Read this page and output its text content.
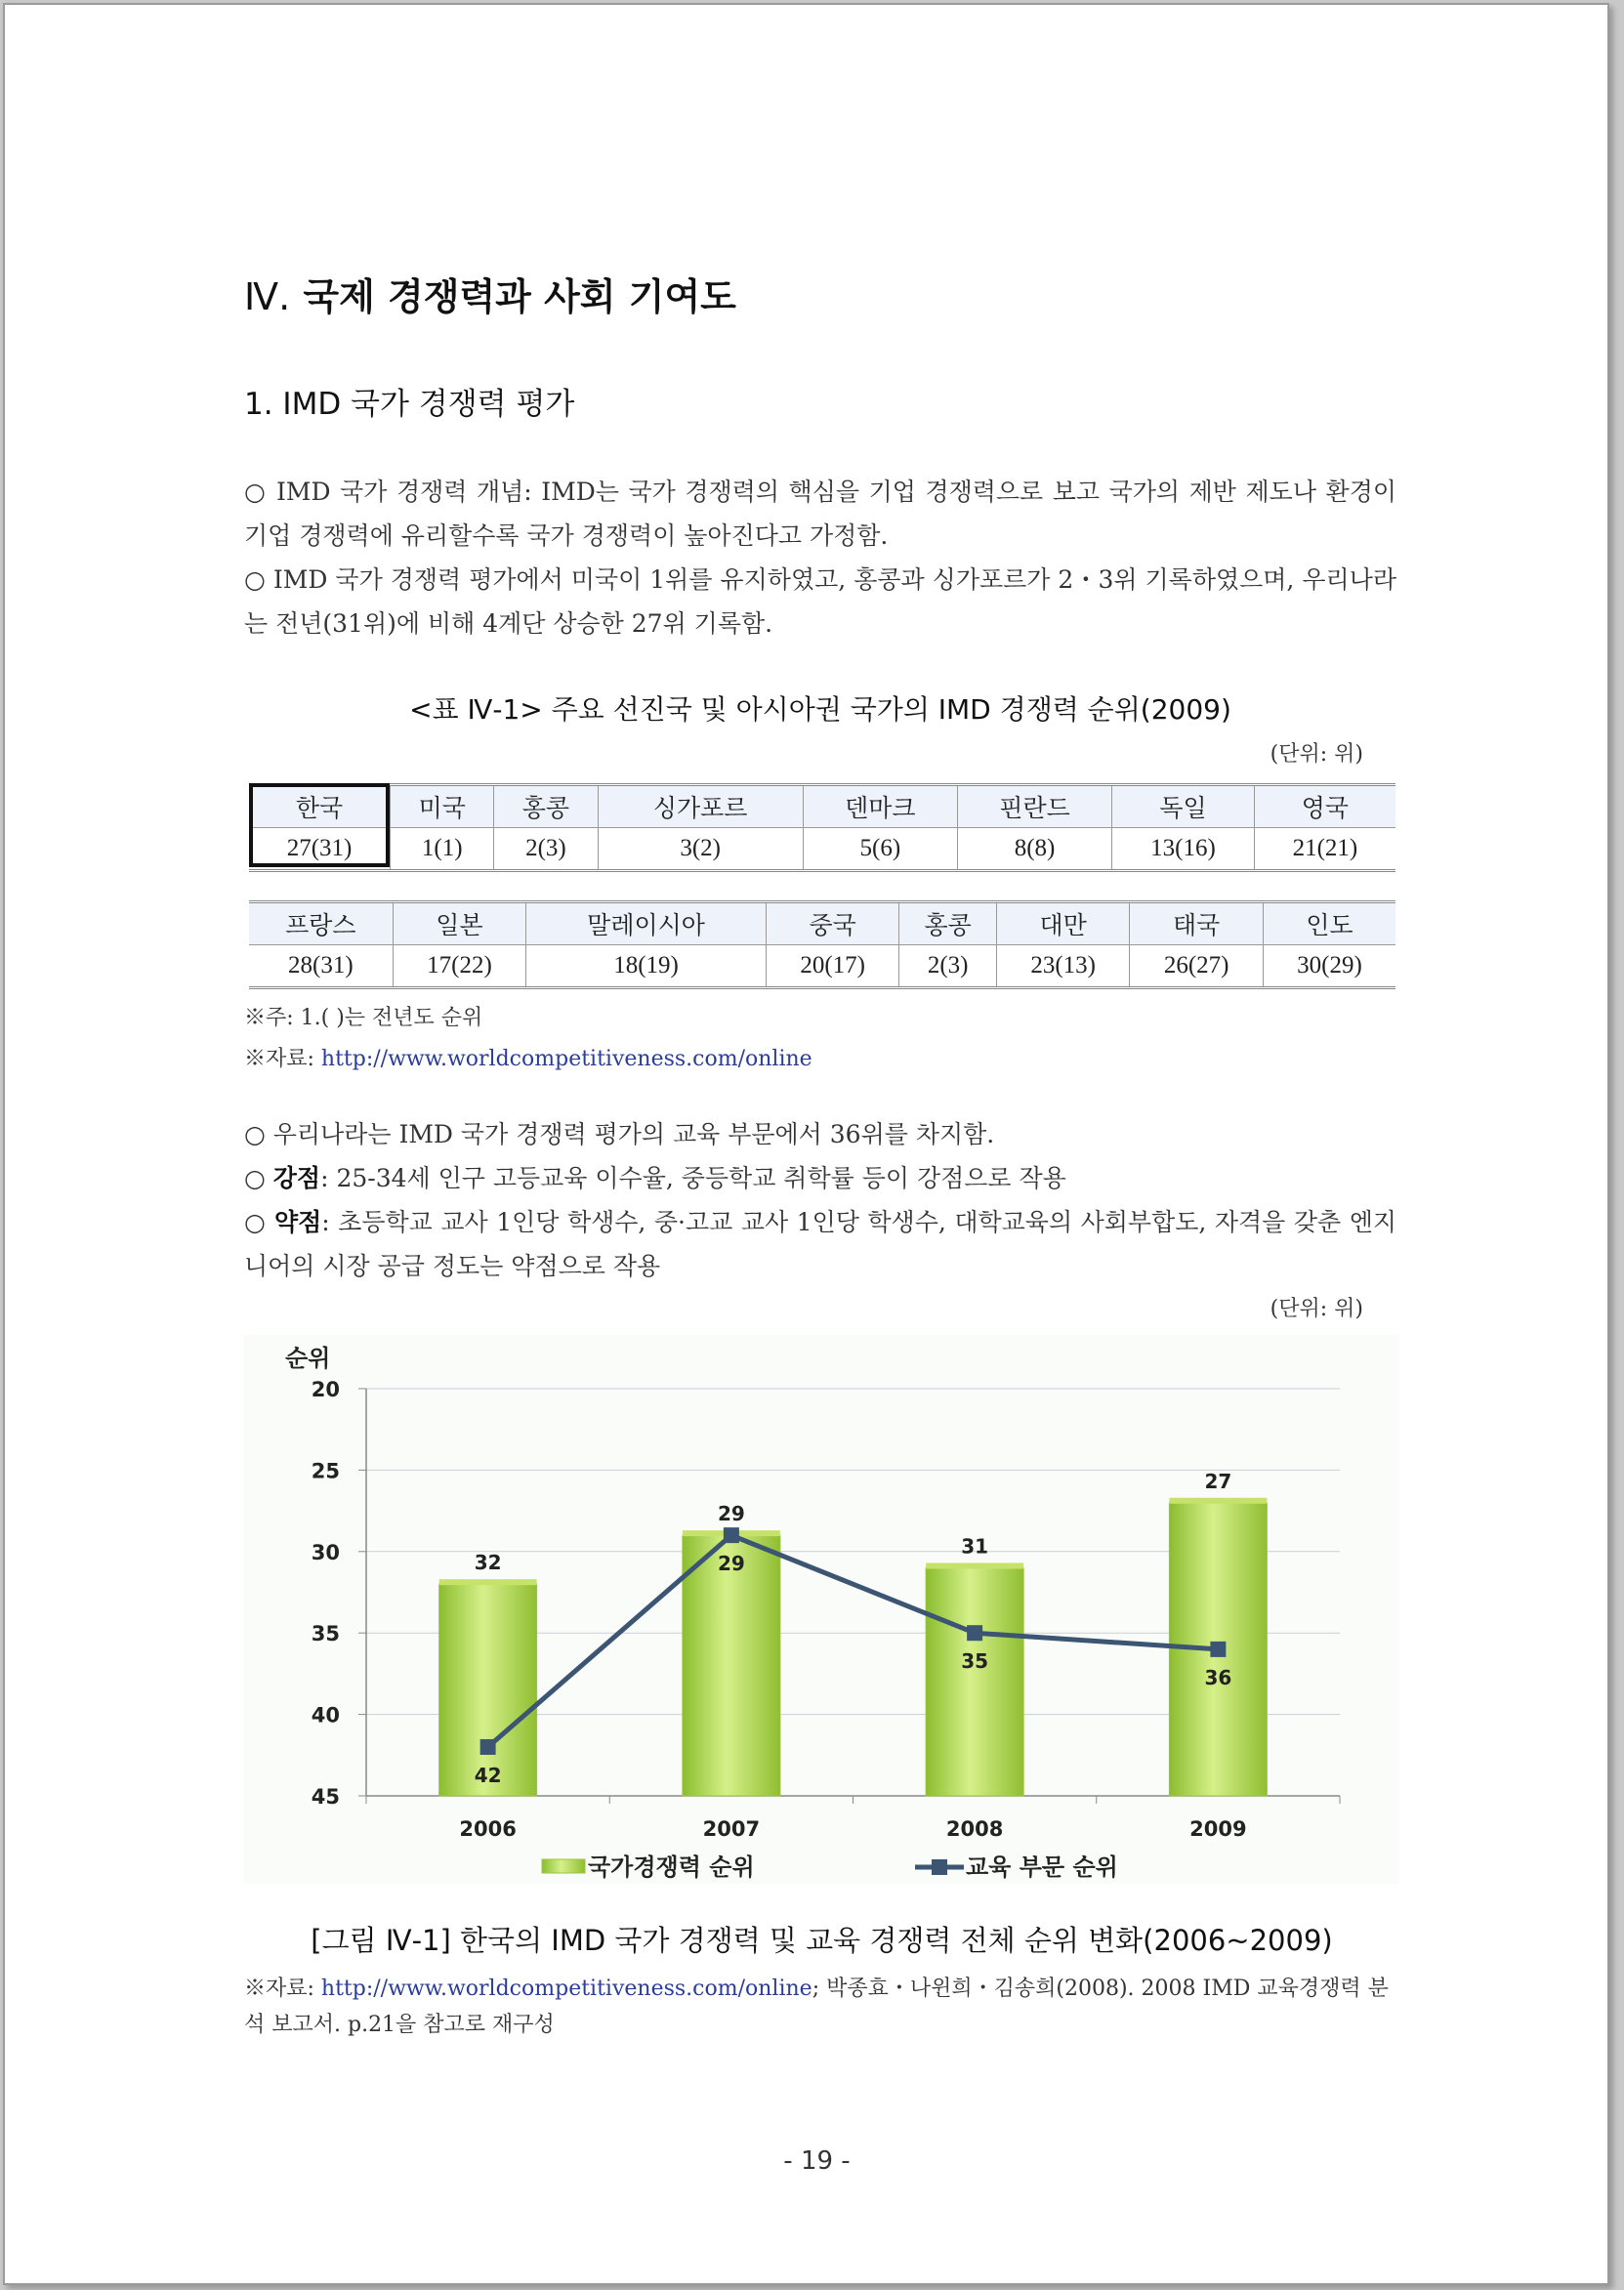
Ⅳ. 국제 경쟁력과 사회 기여도
1. IMD 국가 경쟁력 평가

○ IMD 국가 경쟁력 개념: IMD는 국가 경쟁력의 핵심을 기업 경쟁력으로 보고 국가의 제반 제도나 환경이 기업 경쟁력에 유리할수록 국가 경쟁력이 높아진다고 가정함.

○ IMD 국가 경쟁력 평가에서 미국이 1위를 유지하였고, 홍콩과 싱가포르가 2・3위 기록하였으며, 우리나라는 전년(31위)에 비해 4계단 상승한 27위 기록함.

<표 Ⅳ-1> 주요 선진국 및 아시아권 국가의 IMD 경쟁력 순위(2009)
(단위: 위)
한국	미국	홍콩	싱가포르	덴마크	핀란드	독일	영국
27(31)	1(1)	2(3)	3(2)	5(6)	8(8)	13(16)	21(21)
프랑스	일본	말레이시아	중국	홍콩	대만	태국	인도
28(31)	17(22)	18(19)	20(17)	2(3)	23(13)	26(27)	30(29)
※주: 1.( )는 전년도 순위
※자료: http://www.worldcompetitiveness.com/online

○ 우리나라는 IMD 국가 경쟁력 평가의 교육 부문에서 36위를 차지함.

○ 강점: 25-34세 인구 고등교육 이수율, 중등학교 취학률 등이 강점으로 작용

○ 약점: 초등학교 교사 1인당 학생수, 중·고교 교사 1인당 학생수, 대학교육의 사회부합도, 자격을 갖춘 엔지니어의 시장 공급 정도는 약점으로 작용

(단위: 위)
순위
20
25
30
35
40
45
32
29
31
27
42
29
35
36
2006	2007	2008	2009
국가경쟁력 순위	교육 부문 순위
[그림 Ⅳ-1] 한국의 IMD 국가 경쟁력 및 교육 경쟁력 전체 순위 변화(2006~2009)
※자료: http://www.worldcompetitiveness.com/online; 박종효・나윈희・김송희(2008). 2008 IMD 교육경쟁력 분석 보고서. p.21을 참고로 재구성
- 19 -
